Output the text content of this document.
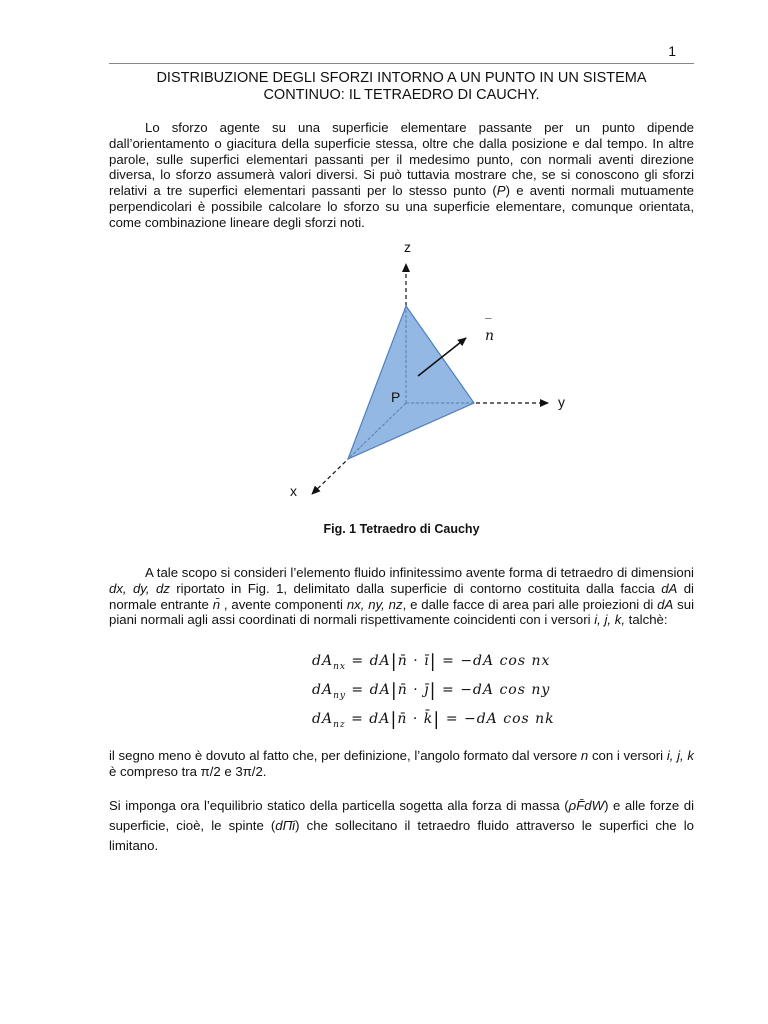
1
DISTRIBUZIONE DEGLI SFORZI INTORNO A UN PUNTO IN UN SISTEMA
CONTINUO: IL TETRAEDRO DI CAUCHY.
Lo sforzo agente su una superficie elementare passante per un punto dipende dall’orientamento o giacitura della superficie stessa, oltre che dalla posizione e dal tempo. In altre parole, sulle superfici elementari passanti per il medesimo punto, con normali aventi direzione diversa, lo sforzo assumerà valori diversi. Si può tuttavia mostrare che, se si conoscono gli sforzi relativi a tre superfici elementari passanti per lo stesso punto (P) e aventi normali mutuamente perpendicolari è possibile calcolare lo sforzo su una superficie elementare, comunque orientata, come combinazione lineare degli sforzi noti.
z
y
x
P
‾
n
Fig. 1 Tetraedro di Cauchy
A tale scopo si consideri l’elemento fluido infinitessimo avente forma di tetraedro di dimensioni dx, dy, dz riportato in Fig. 1, delimitato dalla superficie di contorno costituita dalla faccia dA di normale entrante n̄ , avente componenti nx, ny, nz, e dalle facce di area pari alle proiezioni di dA sui piani normali agli assi coordinati di normali rispettivamente coincidenti con i versori i, j, k, talchè:
$dA_{nx}$ = dA|n̄ · ī| = −dA cos nx
$dA_{ny}$ = dA|n̄ · j̄| = −dA cos ny
$dA_{nz}$ = dA|n̄ · k̄| = −dA cos nk
il segno meno è dovuto al fatto che, per definizione, l’angolo formato dal versore n con i versori i, j, k è compreso tra π/2 e 3π/2.
Si imponga ora l’equilibrio statico della particella sogetta alla forza di massa (ρF̄dW) e alle forze di superficie, cioè, le spinte (dΠ̄i) che sollecitano il tetraedro fluido attraverso le superfici che lo limitano.
